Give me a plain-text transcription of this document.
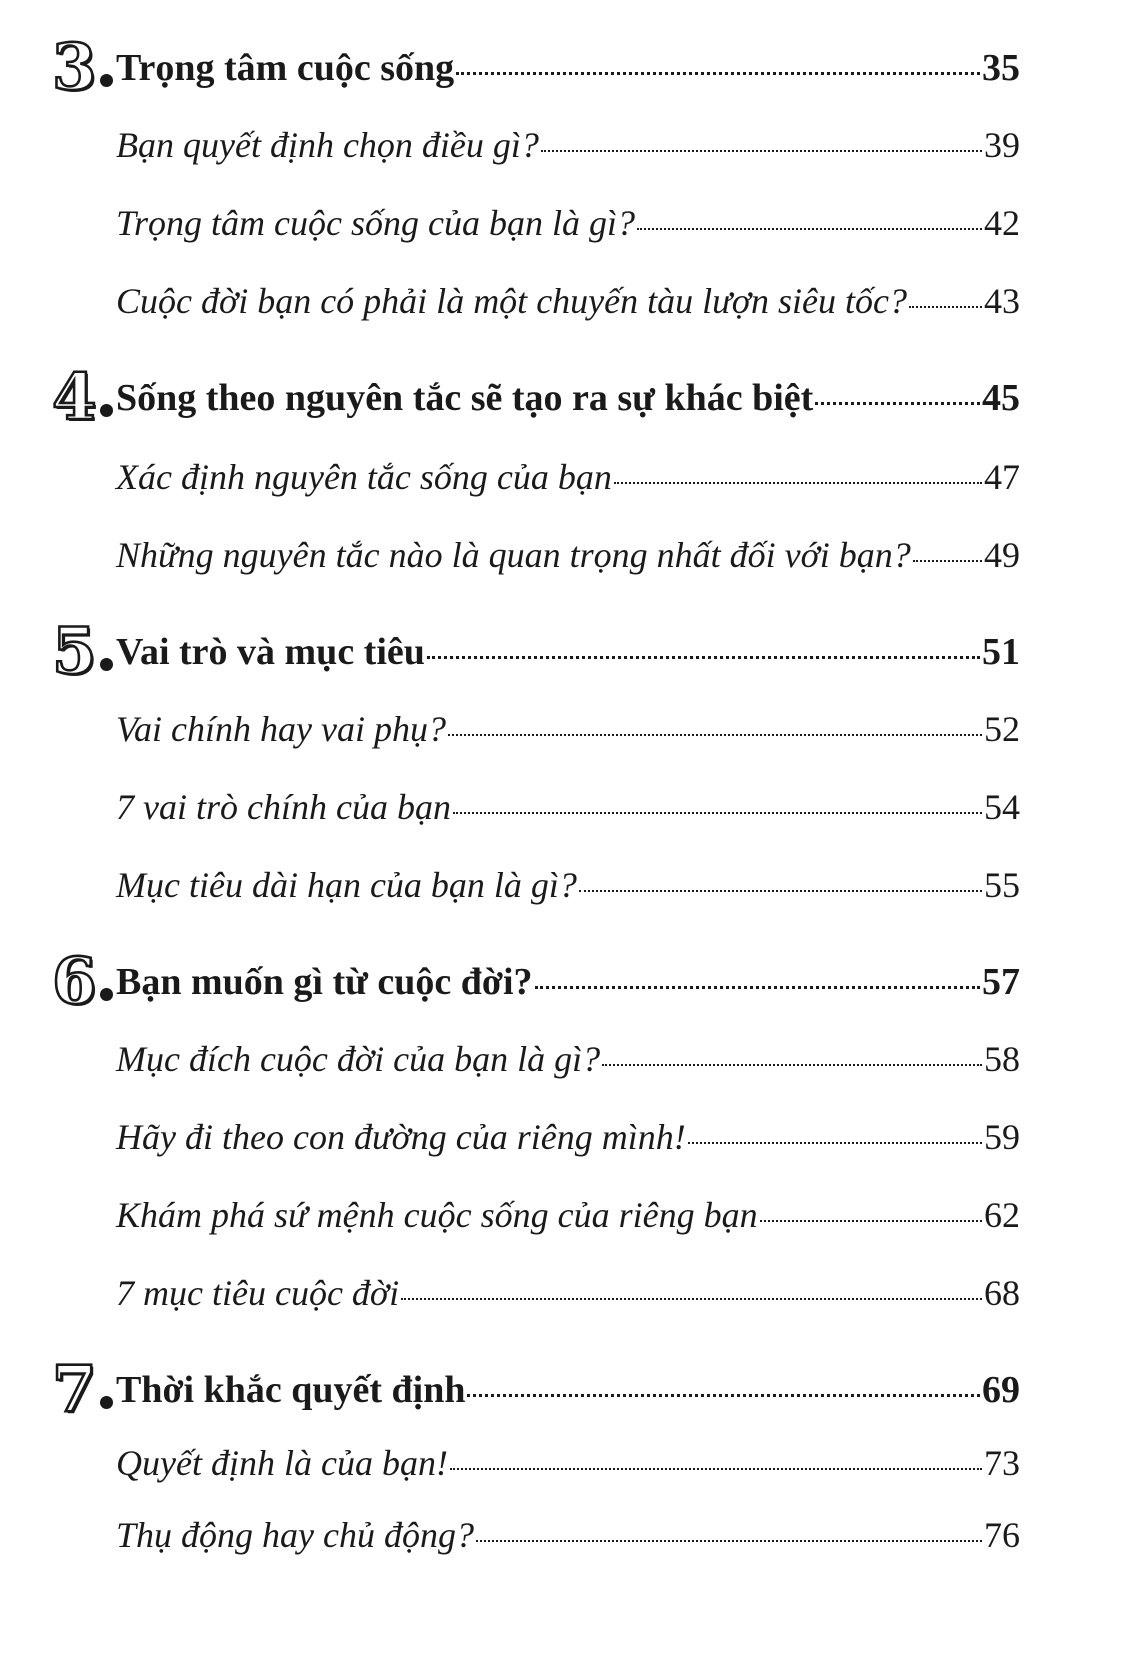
3 Trọng tâm cuộc sống	35
Bạn quyết định chọn điều gì?	39
Trọng tâm cuộc sống của bạn là gì?	42
Cuộc đời bạn có phải là một chuyến tàu lượn siêu tốc? 43
4 Sống theo nguyên tắc sẽ tạo ra sự khác biệt	45
Xác định nguyên tắc sống của bạn	47
Những nguyên tắc nào là quan trọng nhất đối với bạn? 49
5 Vai trò và mục tiêu	51
Vai chính hay vai phụ?	52
7 vai trò chính của bạn	54
Mục tiêu dài hạn của bạn là gì?	55
6 Bạn muốn gì từ cuộc đời?	57
Mục đích cuộc đời của bạn là gì?	58
Hãy đi theo con đường của riêng mình!	59
Khám phá sứ mệnh cuộc sống của riêng bạn	62
7 mục tiêu cuộc đời	68
7 Thời khắc quyết định	69
Quyết định là của bạn!	73
Thụ động hay chủ động?	76
